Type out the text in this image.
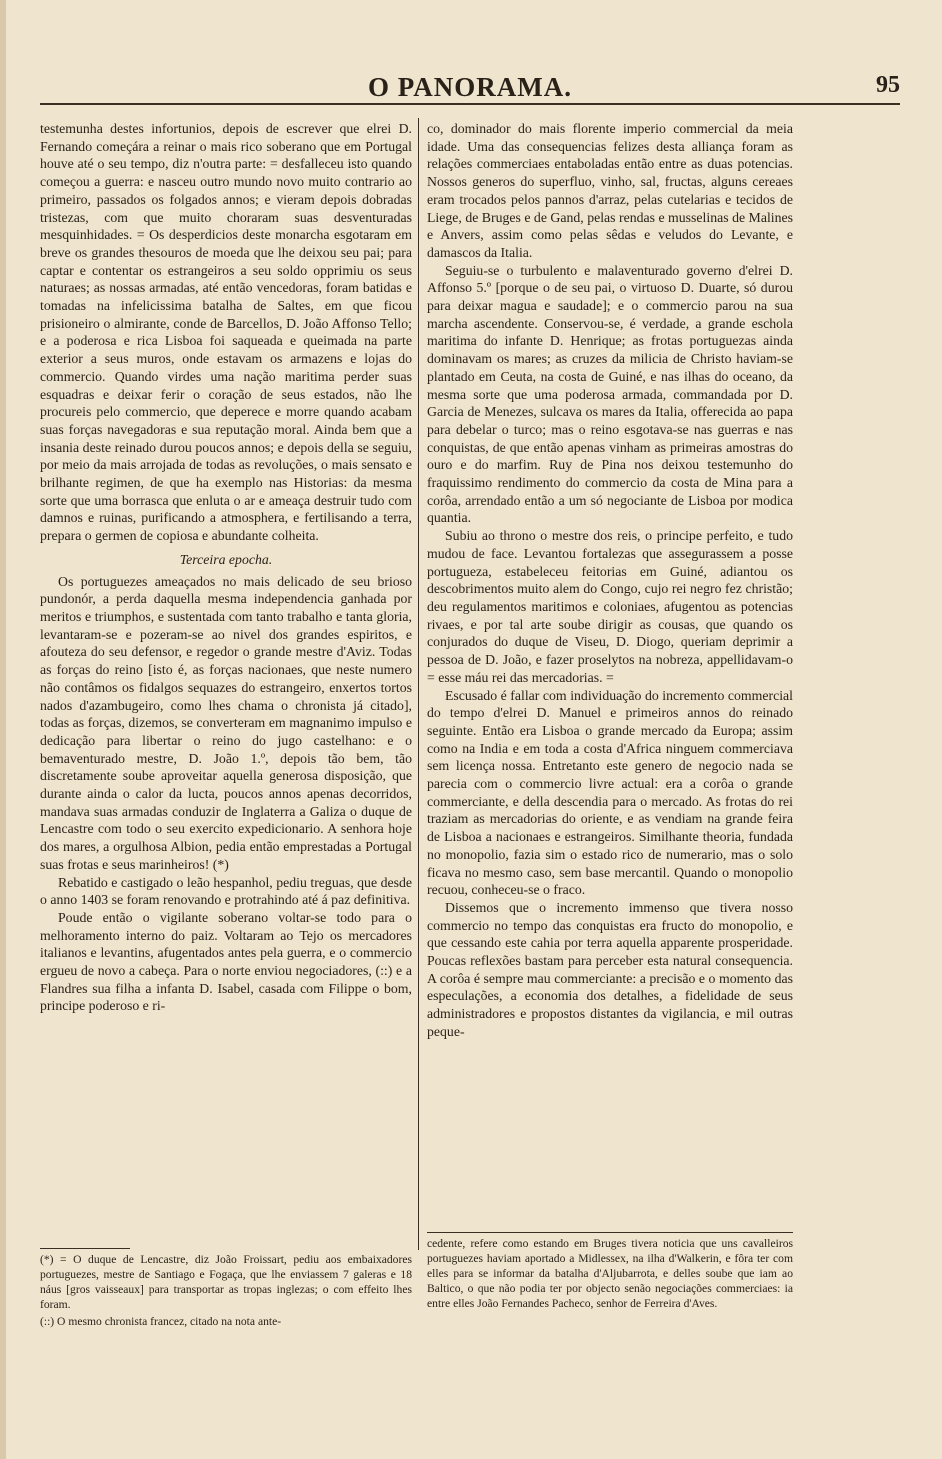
O PANORAMA.	95

testemunha destes infortunios, depois de escrever que elrei D. Fernando começára a reinar o mais rico soberano que em Portugal houve até o seu tempo, diz n'outra parte: = desfalleceu isto quando começou a guerra: e nasceu outro mundo novo muito contrario ao primeiro, passados os folgados annos; e vieram depois dobradas tristezas, com que muito choraram suas desventuradas mesquinhidades. = Os desperdicios deste monarcha esgotaram em breve os grandes thesouros de moeda que lhe deixou seu pai; para captar e contentar os estrangeiros a seu soldo opprimiu os seus naturaes; as nossas armadas, até então vencedoras, foram batidas e tomadas na infelicissima batalha de Saltes, em que ficou prisioneiro o almirante, conde de Barcellos, D. João Affonso Tello; e a poderosa e rica Lisboa foi saqueada e queimada na parte exterior a seus muros, onde estavam os armazens e lojas do commercio. Quando virdes uma nação maritima perder suas esquadras e deixar ferir o coração de seus estados, não lhe procureis pelo commercio, que deperece e morre quando acabam suas forças navegadoras e sua reputação moral. Ainda bem que a insania deste reinado durou poucos annos; e depois della se seguiu, por meio da mais arrojada de todas as revoluções, o mais sensato e brilhante regimen, de que ha exemplo nas Historias: da mesma sorte que uma borrasca que enluta o ar e ameaça destruir tudo com damnos e ruinas, purificando a atmosphera, e fertilisando a terra, prepara o germen de copiosa e abundante colheita.

Terceira epocha.

Os portuguezes ameaçados no mais delicado de seu brioso pundonór, a perda daquella mesma independencia ganhada por meritos e triumphos, e sustentada com tanto trabalho e tanta gloria, levantaram-se e pozeram-se ao nivel dos grandes espiritos, e afouteza do seu defensor, e regedor o grande mestre d'Aviz. Todas as forças do reino [isto é, as forças nacionaes, que neste numero não contâmos os fidalgos sequazes do estrangeiro, enxertos tortos nados d'azambugeiro, como lhes chama o chronista já citado], todas as forças, dizemos, se converteram em magnanimo impulso e dedicação para libertar o reino do jugo castelhano: e o bemaventurado mestre, D. João 1.º, depois tão bem, tão discretamente soube aproveitar aquella generosa disposição, que durante ainda o calor da lucta, poucos annos apenas decorridos, mandava suas armadas conduzir de Inglaterra a Galiza o duque de Lencastre com todo o seu exercito expedicionario. A senhora hoje dos mares, a orgulhosa Albion, pedia então emprestadas a Portugal suas frotas e seus marinheiros! (*)

Rebatido e castigado o leão hespanhol, pediu treguas, que desde o anno 1403 se foram renovando e protrahindo até á paz definitiva.

Poude então o vigilante soberano voltar-se todo para o melhoramento interno do paiz. Voltaram ao Tejo os mercadores italianos e levantins, afugentados antes pela guerra, e o commercio ergueu de novo a cabeça. Para o norte enviou negociadores, (::) e a Flandres sua filha a infanta D. Isabel, casada com Filippe o bom, principe poderoso e ri-

co, dominador do mais florente imperio commercial da meia idade. Uma das consequencias felizes desta alliança foram as relações commerciaes entaboladas então entre as duas potencias. Nossos generos do superfluo, vinho, sal, fructas, alguns cereaes eram trocados pelos pannos d'arraz, pelas cutelarias e tecidos de Liege, de Bruges e de Gand, pelas rendas e musselinas de Malines e Anvers, assim como pelas sêdas e veludos do Levante, e damascos da Italia.

Seguiu-se o turbulento e malaventurado governo d'elrei D. Affonso 5.º [porque o de seu pai, o virtuoso D. Duarte, só durou para deixar magua e saudade]; e o commercio parou na sua marcha ascendente. Conservou-se, é verdade, a grande eschola maritima do infante D. Henrique; as frotas portuguezas ainda dominavam os mares; as cruzes da milicia de Christo haviam-se plantado em Ceuta, na costa de Guiné, e nas ilhas do oceano, da mesma sorte que uma poderosa armada, commandada por D. Garcia de Menezes, sulcava os mares da Italia, offerecida ao papa para debelar o turco; mas o reino esgotava-se nas guerras e nas conquistas, de que então apenas vinham as primeiras amostras do ouro e do marfim. Ruy de Pina nos deixou testemunho do fraquissimo rendimento do commercio da costa de Mina para a corôa, arrendado então a um só negociante de Lisboa por modica quantia.

Subiu ao throno o mestre dos reis, o principe perfeito, e tudo mudou de face. Levantou fortalezas que assegurassem a posse portugueza, estabeleceu feitorias em Guiné, adiantou os descobrimentos muito alem do Congo, cujo rei negro fez christão; deu regulamentos maritimos e coloniaes, afugentou as potencias rivaes, e por tal arte soube dirigir as cousas, que quando os conjurados do duque de Viseu, D. Diogo, queriam deprimir a pessoa de D. João, e fazer proselytos na nobreza, appellidavam-o = esse máu rei das mercadorias. =

Escusado é fallar com individuação do incremento commercial do tempo d'elrei D. Manuel e primeiros annos do reinado seguinte. Então era Lisboa o grande mercado da Europa; assim como na India e em toda a costa d'Africa ninguem commerciava sem licença nossa. Entretanto este genero de negocio nada se parecia com o commercio livre actual: era a corôa o grande commerciante, e della descendia para o mercado. As frotas do rei traziam as mercadorias do oriente, e as vendiam na grande feira de Lisboa a nacionaes e estrangeiros. Similhante theoria, fundada no monopolio, fazia sim o estado rico de numerario, mas o solo ficava no mesmo caso, sem base mercantil. Quando o monopolio recuou, conheceu-se o fraco.

Dissemos que o incremento immenso que tivera nosso commercio no tempo das conquistas era fructo do monopolio, e que cessando este cahia por terra aquella apparente prosperidade. Poucas reflexões bastam para perceber esta natural consequencia. A corôa é sempre mau commerciante: a precisão e o momento das especulações, a economia dos detalhes, a fidelidade de seus administradores e propostos distantes da vigilancia, e mil outras peque-

(*) = O duque de Lencastre, diz João Froissart, pediu aos embaixadores portuguezes, mestre de Santiago e Fogaça, que lhe enviassem 7 galeras e 18 náus [gros vaisseaux] para transportar as tropas inglezas; o com effeito lhes foram.

(::) O mesmo chronista francez, citado na nota ante-

cedente, refere como estando em Bruges tivera noticia que uns cavalleiros portuguezes haviam aportado a Midlessex, na ilha d'Walkerin, e fôra ter com elles para se informar da batalha d'Aljubarrota, e delles soube que iam ao Baltico, o que não podia ter por objecto senão negociações commerciaes: ia entre elles João Fernandes Pacheco, senhor de Ferreira d'Aves.
